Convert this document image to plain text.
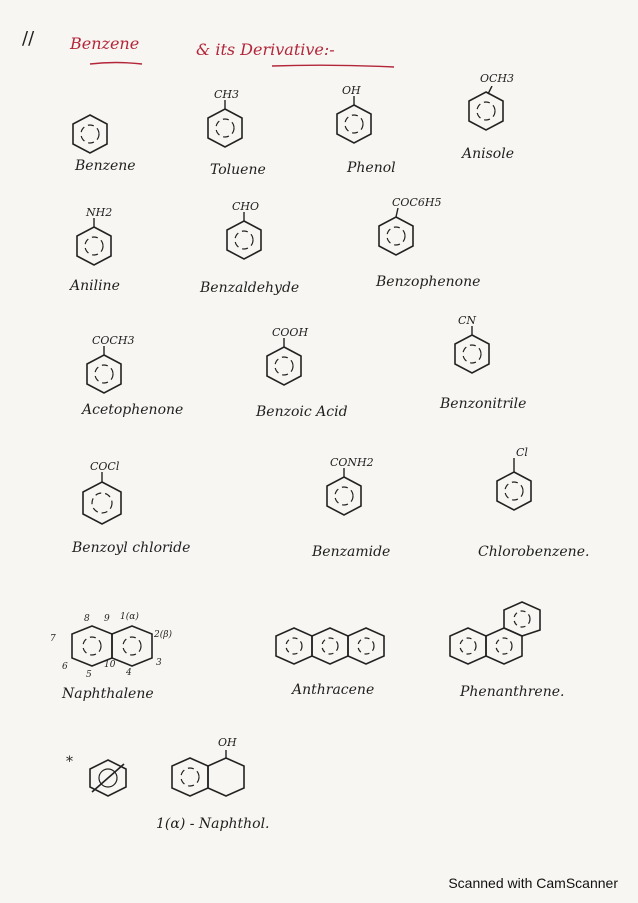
// Benzene	& its Derivative:-
Benzene
CH3
Toluene
OH
Phenol
OCH3
Anisole
NH2
Aniline
CHO
Benzaldehyde
COC6H5
Benzophenone
COCH3
Acetophenone
COOH
Benzoic Acid
CN
Benzonitrile
COCl
Benzoyl chloride
CONH2
Benzamide
Cl
Chlorobenzene.
8 9 1(α)
2(β)
7
3
6
5
10
4
Naphthalene	Anthracene	Phenanthrene.
*
OH
1(α) - Naphthol.
Scanned with CamScanner
